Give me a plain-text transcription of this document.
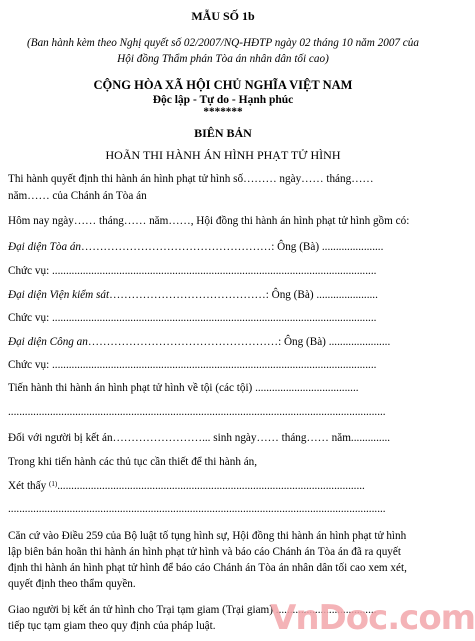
MẪU SỐ 1b
(Ban hành kèm theo Nghị quyết số 02/2007/NQ-HĐTP ngày 02 tháng 10 năm 2007 của
Hội đồng Thẩm phán Tòa án nhân dân tối cao)
CỘNG HÒA XÃ HỘI CHỦ NGHĨA VIỆT NAM
Độc lập - Tự do - Hạnh phúc
*******
BIÊN BẢN
HOÃN THI HÀNH ÁN HÌNH PHẠT TỬ HÌNH
Thi hành quyết định thi hành án hình phạt tử hình số……… ngày…… tháng……
năm…… của Chánh án Tòa án
Hôm nay ngày…… tháng…… năm……, Hội đồng thi hành án hình phạt tử hình gồm có:
Đại diện Tòa án……………………………………………: Ông (Bà) ......................
Chức vụ: ....................................................................................................................
Đại diện Viện kiểm sát……………………………………: Ông (Bà) ......................
Chức vụ: ....................................................................................................................
Đại diện Công an……………………………………………: Ông (Bà) ......................
Chức vụ: ....................................................................................................................
Tiến hành thi hành án hình phạt tử hình về tội (các tội) .....................................
.......................................................................................................................................
Đối với người bị kết án……………………... sinh ngày…… tháng…… năm..............
Trong khi tiến hành các thủ tục cần thiết để thi hành án,
Xét thấy $^{(1)}$..............................................................................................................
.......................................................................................................................................
Căn cứ vào Điều 259 của Bộ luật tố tụng hình sự, Hội đồng thi hành án hình phạt tử hình
lập biên bản hoãn thi hành án hình phạt tử hình và báo cáo Chánh án Tòa án đã ra quyết
định thi hành án hình phạt tử hình để báo cáo Chánh án Tòa án nhân dân tối cao xem xét,
quyết định theo thẩm quyền.
Giao người bị kết án tử hình cho Trại tạm giam (Trại giam) ....................................
tiếp tục tạm giam theo quy định của pháp luật.	VnDoc.com
